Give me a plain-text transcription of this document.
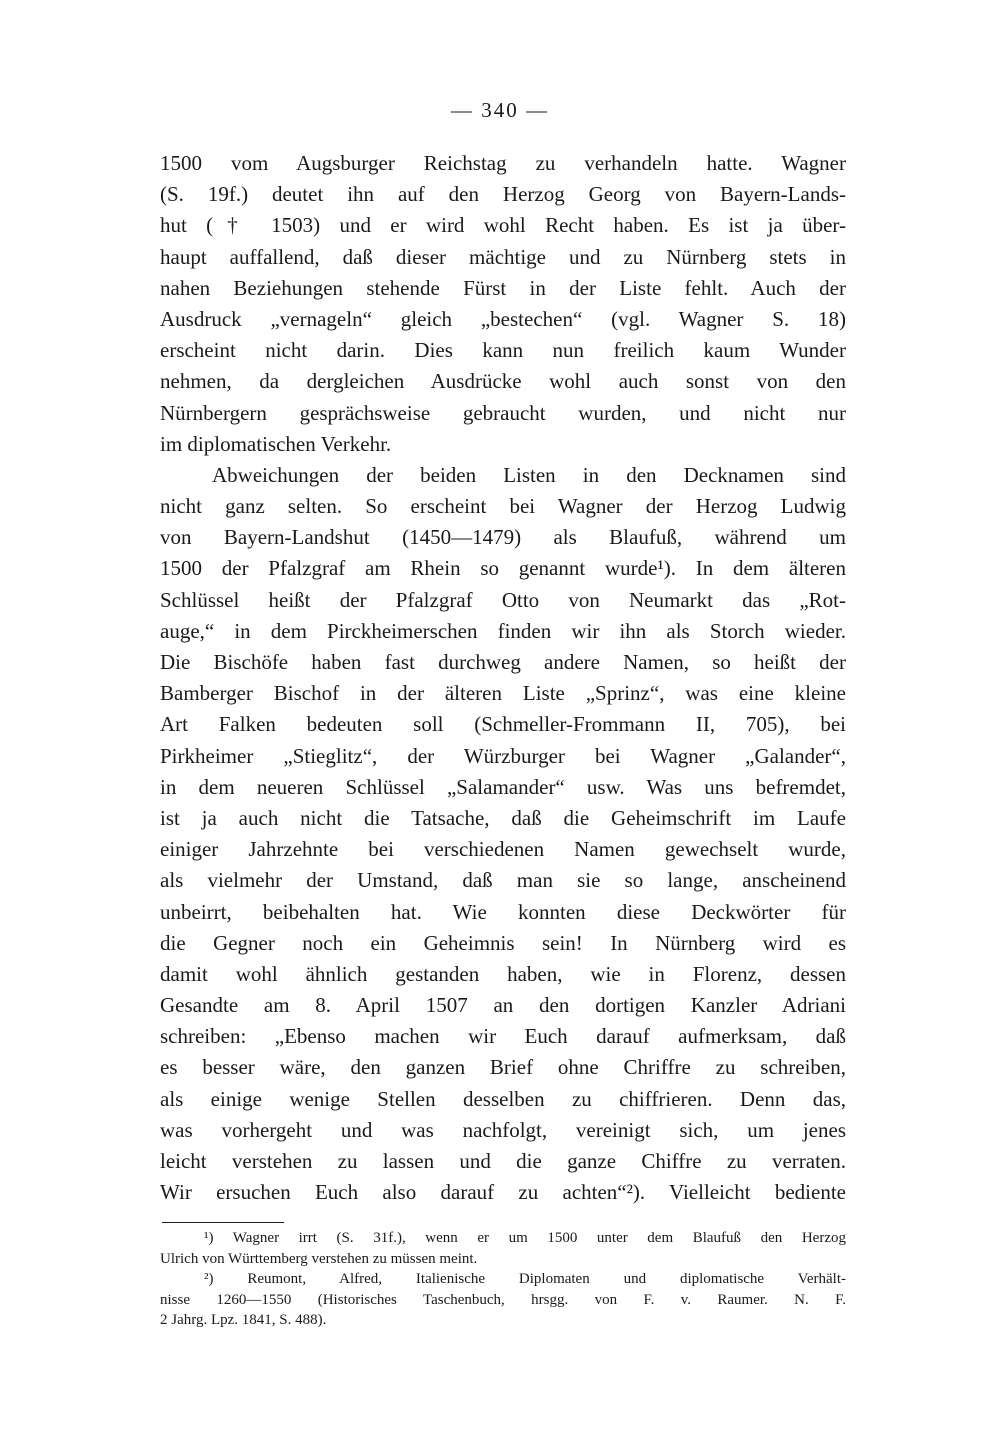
— 340 —
1500 vom Augsburger Reichstag zu verhandeln hatte. Wagner
(S. 19f.) deutet ihn auf den Herzog Georg von Bayern-Lands-
hut († 1503) und er wird wohl Recht haben. Es ist ja über-
haupt auffallend, daß dieser mächtige und zu Nürnberg stets in
nahen Beziehungen stehende Fürst in der Liste fehlt. Auch der
Ausdruck „vernageln“ gleich „bestechen“ (vgl. Wagner S. 18)
erscheint nicht darin. Dies kann nun freilich kaum Wunder
nehmen, da dergleichen Ausdrücke wohl auch sonst von den
Nürnbergern gesprächsweise gebraucht wurden, und nicht nur
im diplomatischen Verkehr.
Abweichungen der beiden Listen in den Decknamen sind
nicht ganz selten. So erscheint bei Wagner der Herzog Ludwig
von Bayern-Landshut (1450—1479) als Blaufuß, während um
1500 der Pfalzgraf am Rhein so genannt wurde¹). In dem älteren
Schlüssel heißt der Pfalzgraf Otto von Neumarkt das „Rot-
auge,“ in dem Pirckheimerschen finden wir ihn als Storch wieder.
Die Bischöfe haben fast durchweg andere Namen, so heißt der
Bamberger Bischof in der älteren Liste „Sprinz“, was eine kleine
Art Falken bedeuten soll (Schmeller-Frommann II, 705), bei
Pirkheimer „Stieglitz“, der Würzburger bei Wagner „Galander“,
in dem neueren Schlüssel „Salamander“ usw. Was uns befremdet,
ist ja auch nicht die Tatsache, daß die Geheimschrift im Laufe
einiger Jahrzehnte bei verschiedenen Namen gewechselt wurde,
als vielmehr der Umstand, daß man sie so lange, anscheinend
unbeirrt, beibehalten hat. Wie konnten diese Deckwörter für
die Gegner noch ein Geheimnis sein! In Nürnberg wird es
damit wohl ähnlich gestanden haben, wie in Florenz, dessen
Gesandte am 8. April 1507 an den dortigen Kanzler Adriani
schreiben: „Ebenso machen wir Euch darauf aufmerksam, daß
es besser wäre, den ganzen Brief ohne Chriffre zu schreiben,
als einige wenige Stellen desselben zu chiffrieren. Denn das,
was vorhergeht und was nachfolgt, vereinigt sich, um jenes
leicht verstehen zu lassen und die ganze Chiffre zu verraten.
Wir ersuchen Euch also darauf zu achten“²). Vielleicht bediente
¹) Wagner irrt (S. 31f.), wenn er um 1500 unter dem Blaufuß den Herzog
Ulrich von Württemberg verstehen zu müssen meint.
²) Reumont, Alfred, Italienische Diplomaten und diplomatische Verhält-
nisse 1260—1550 (Historisches Taschenbuch, hrsgg. von F. v. Raumer. N. F.
2 Jahrg. Lpz. 1841, S. 488).
